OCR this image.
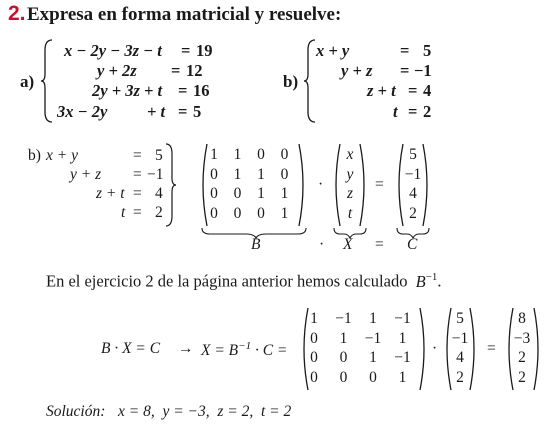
2. Expresa en forma matricial y resuelve:
a)
x − 2y − 3z − t = 19
y + 2z = 12
2y + 3z + t = 16
3x − 2y + t = 5
b)
x + y	= 5
y + z = −1
z + t = 4
t = 2
b) x + y	= 5
y + z = −1
z + t = 4
t = 2
1	1	0	0
0	1	1	0
0	0	1	1
0	0	0	1
·
x
y
z
t
=
5
−1
4
2
B	· X = C
En el ejercicio 2 de la página anterior hemos calculado $B^{-1}$.
$B \cdot X = C \to X = B^{-1} \cdot C$ =
1	−1	1	−1
0	1	−1	1
0	0	1	−1
0	0	0	1
·
5
−1
4
2
=
8
−3
2
2
Solución: x = 8,  y = −3,  z = 2,  t = 2
